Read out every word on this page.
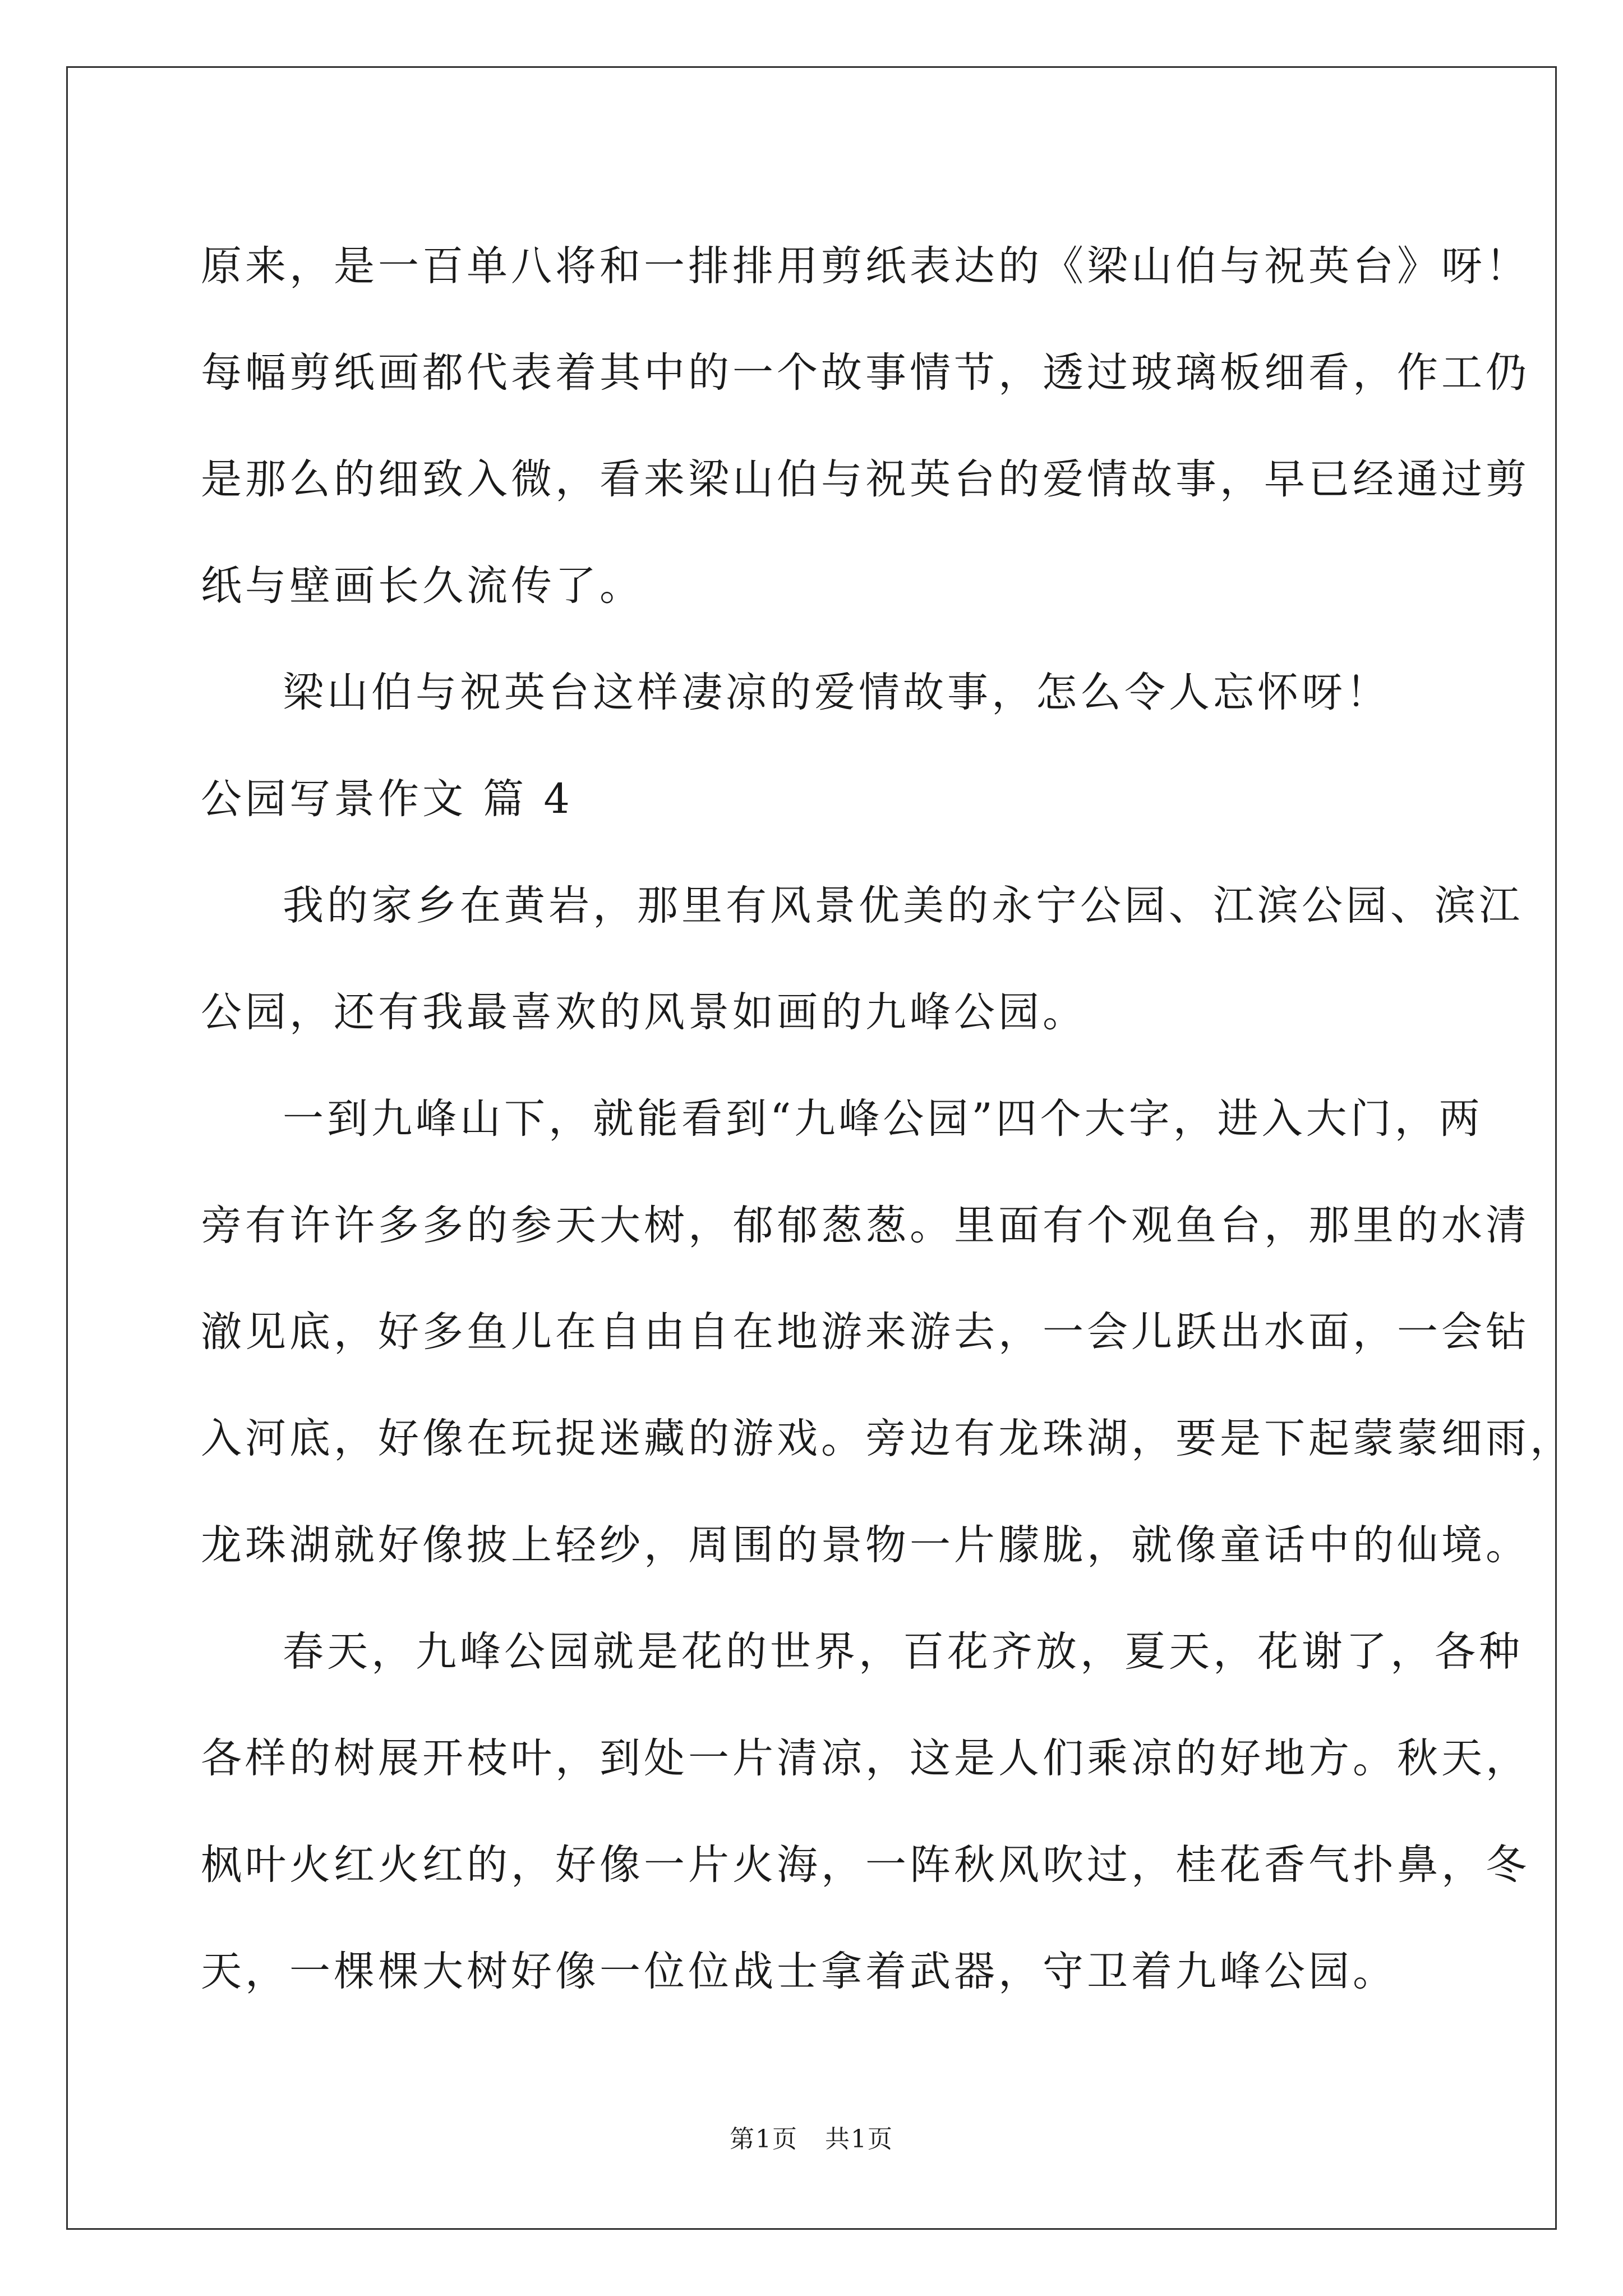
原来，是一百单八将和一排排用剪纸表达的《梁山伯与祝英台》呀！
每幅剪纸画都代表着其中的一个故事情节，透过玻璃板细看，作工仍
是那么的细致入微，看来梁山伯与祝英台的爱情故事，早已经通过剪
纸与壁画长久流传了。
梁山伯与祝英台这样凄凉的爱情故事，怎么令人忘怀呀！
公园写景作文 篇 4
我的家乡在黄岩，那里有风景优美的永宁公园、江滨公园、滨江
公园，还有我最喜欢的风景如画的九峰公园。
一到九峰山下，就能看到“九峰公园”四个大字，进入大门，两
旁有许许多多的参天大树，郁郁葱葱。里面有个观鱼台，那里的水清
澈见底，好多鱼儿在自由自在地游来游去，一会儿跃出水面，一会钻
入河底，好像在玩捉迷藏的游戏。旁边有龙珠湖，要是下起蒙蒙细雨，
龙珠湖就好像披上轻纱，周围的景物一片朦胧，就像童话中的仙境。
春天，九峰公园就是花的世界，百花齐放，夏天，花谢了，各种
各样的树展开枝叶，到处一片清凉，这是人们乘凉的好地方。秋天，
枫叶火红火红的，好像一片火海，一阵秋风吹过，桂花香气扑鼻，冬
天，一棵棵大树好像一位位战士拿着武器，守卫着九峰公园。
第1页   共1页
